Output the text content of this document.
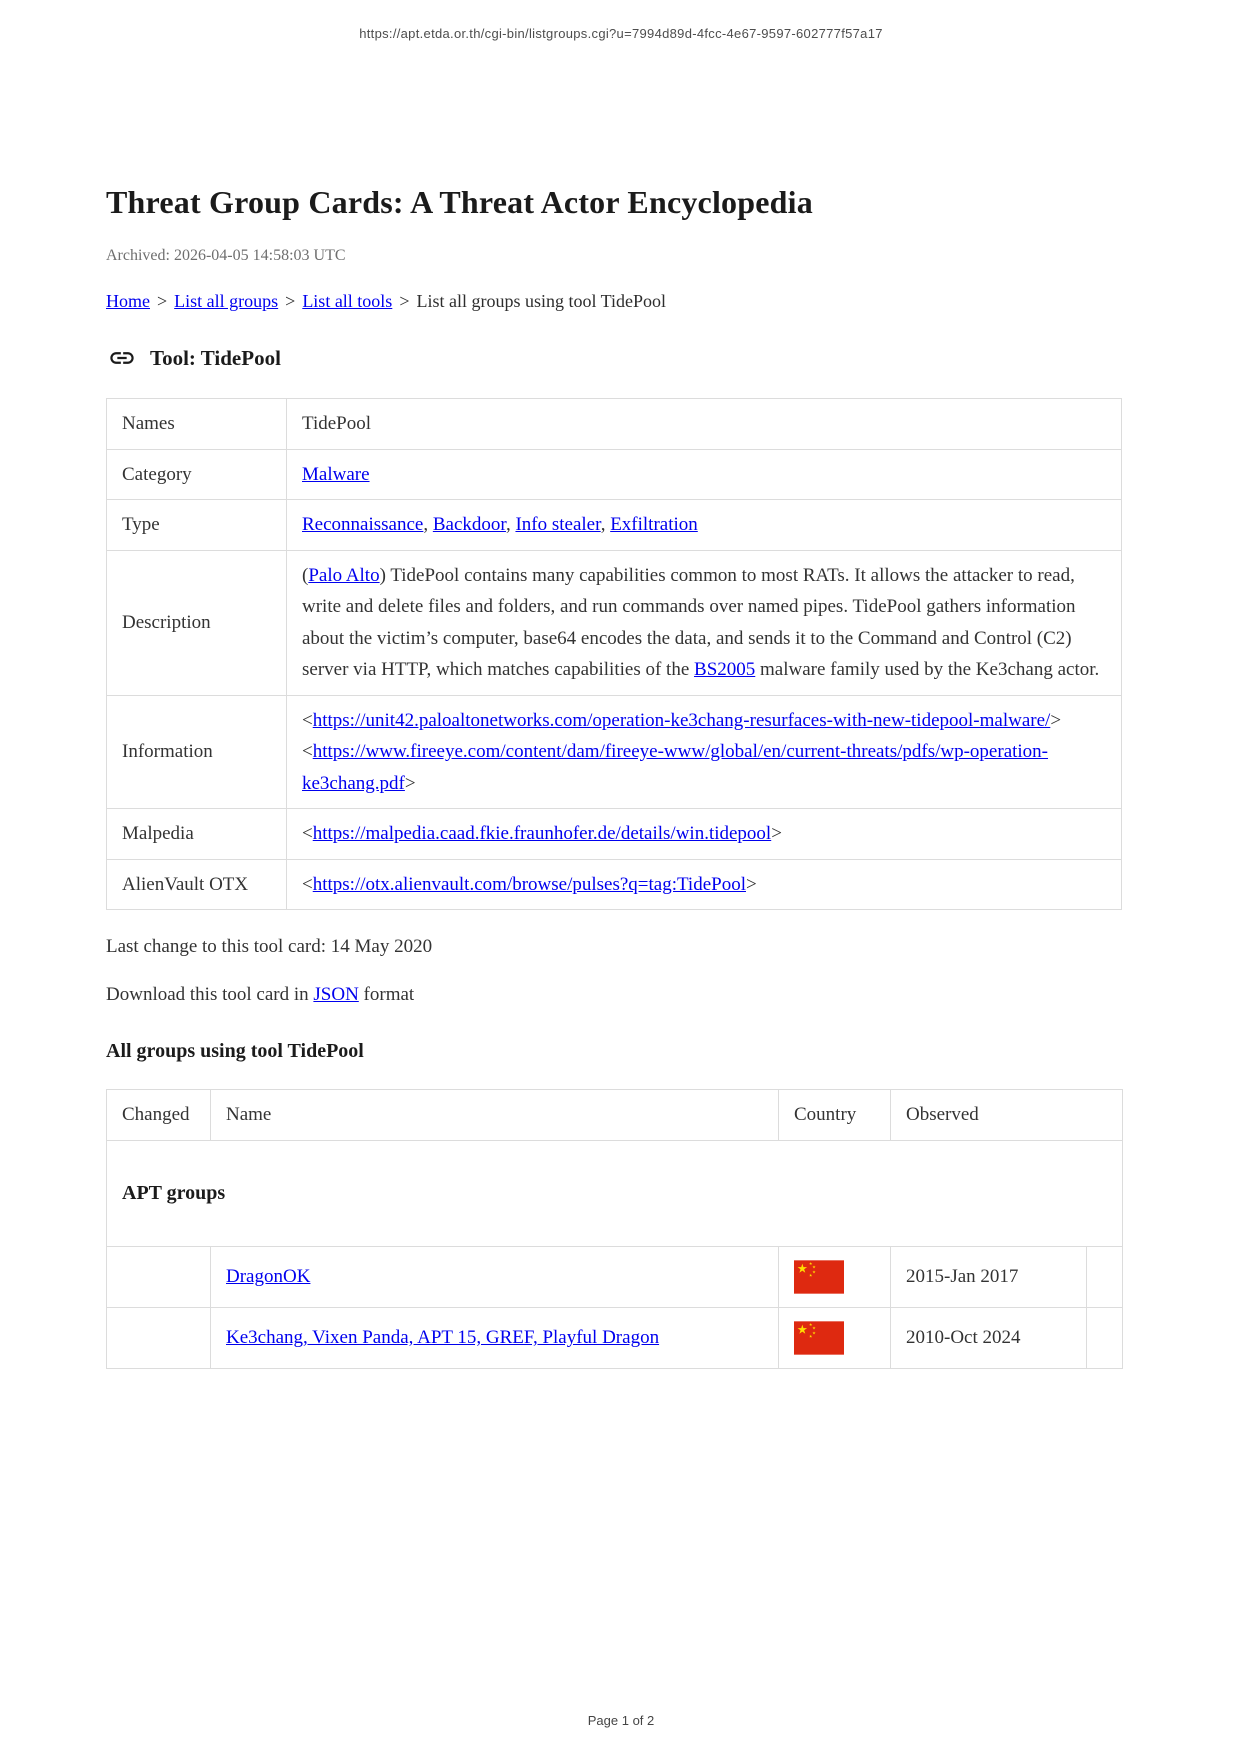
https://apt.etda.or.th/cgi-bin/listgroups.cgi?u=7994d89d-4fcc-4e67-9597-602777f57a17
Threat Group Cards: A Threat Actor Encyclopedia
Archived: 2026-04-05 14:58:03 UTC
Home > List all groups > List all tools > List all groups using tool TidePool
Tool: TidePool
Names	TidePool
Category	Malware
Type	Reconnaissance, Backdoor, Info stealer, Exfiltration
Description	(Palo Alto) TidePool contains many capabilities common to most RATs. It allows the attacker to read, write and delete files and folders, and run commands over named pipes. TidePool gathers information about the victim’s computer, base64 encodes the data, and sends it to the Command and Control (C2) server via HTTP, which matches capabilities of the BS2005 malware family used by the Ke3chang actor.
Information	<https://unit42.paloaltonetworks.com/operation-ke3chang-resurfaces-with-new-tidepool-malware/>
<https://www.fireeye.com/content/dam/fireeye-www/global/en/current-threats/pdfs/wp-operation-ke3chang.pdf>

Malpedia	<https://malpedia.caad.fkie.fraunhofer.de/details/win.tidepool>
AlienVault OTX	<https://otx.alienvault.com/browse/pulses?q=tag:TidePool>
Last change to this tool card: 14 May 2020
Download this tool card in JSON format
All groups using tool TidePool
Changed	Name	Country	Observed	
APT groups				
	DragonOK		2015-Jan 2017	
	Ke3chang, Vixen Panda, APT 15, GREF, Playful Dragon		2010-Oct 2024	
Page 1 of 2
